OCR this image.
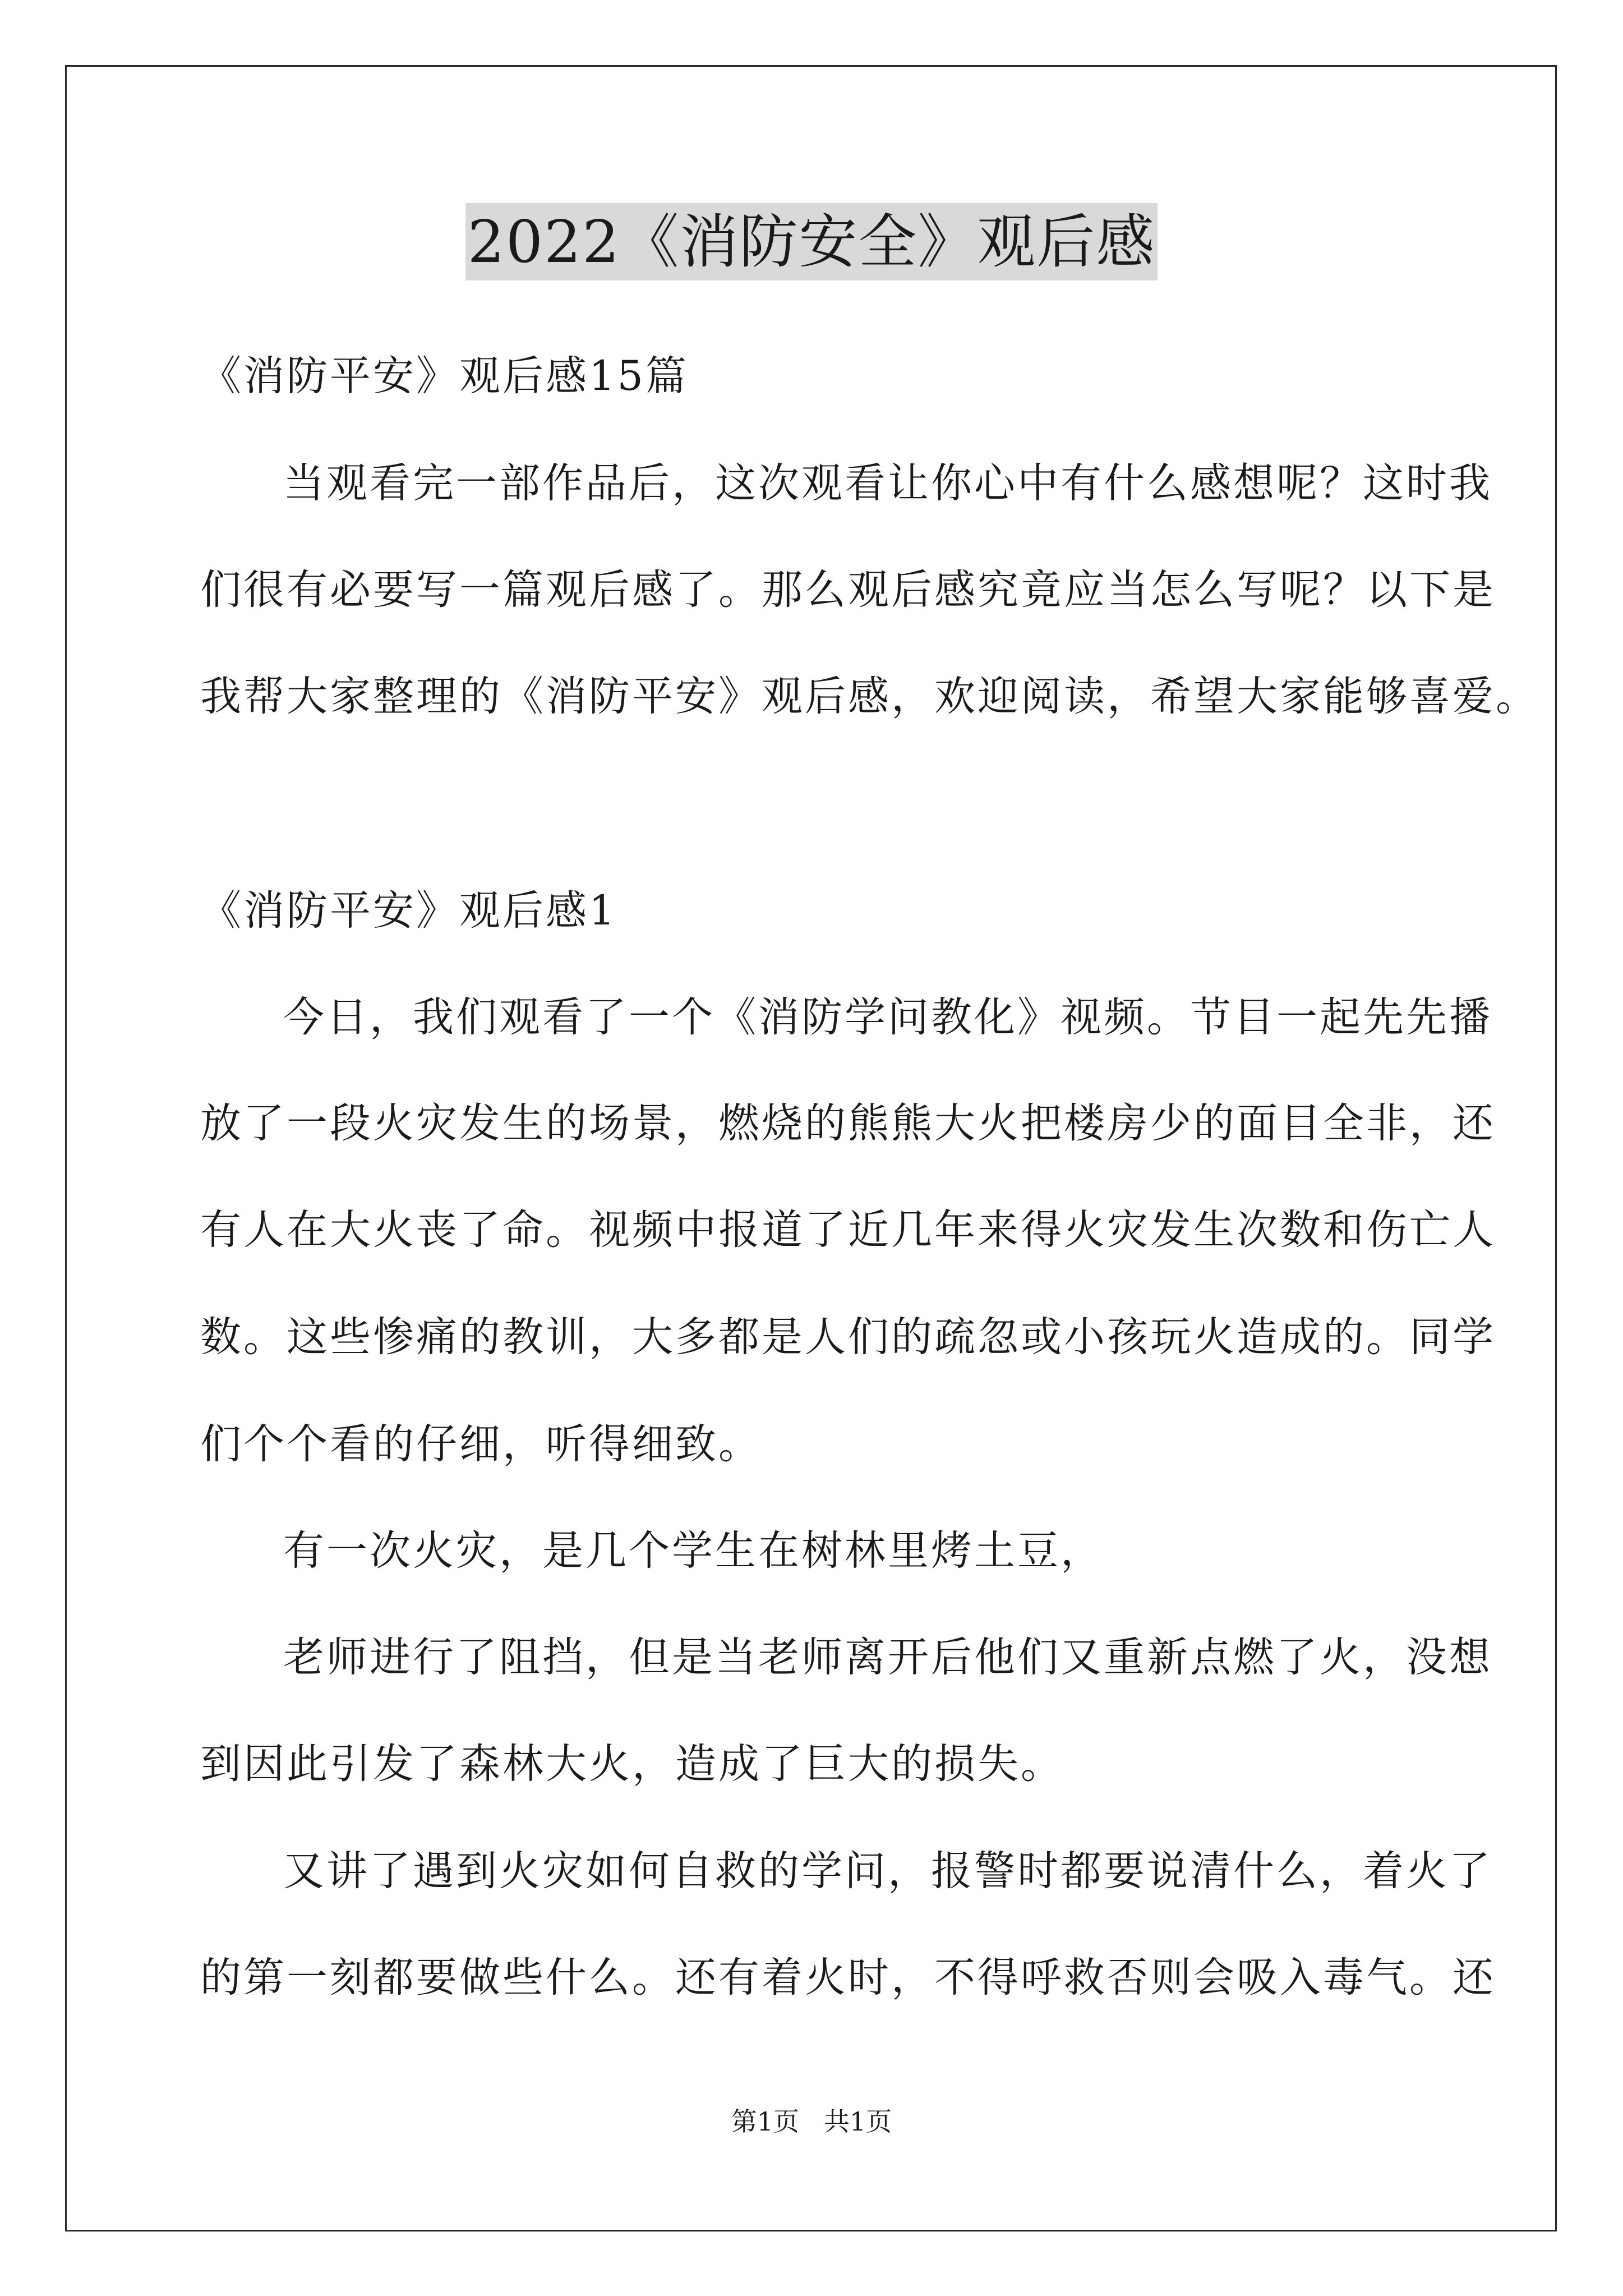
2022《消防安全》观后感
《消防平安》观后感15篇
当观看完一部作品后，这次观看让你心中有什么感想呢？这时我
们很有必要写一篇观后感了。那么观后感究竟应当怎么写呢？以下是
我帮大家整理的《消防平安》观后感，欢迎阅读，希望大家能够喜爱。
《消防平安》观后感1
今日，我们观看了一个《消防学问教化》视频。节目一起先先播
放了一段火灾发生的场景，燃烧的熊熊大火把楼房少的面目全非，还
有人在大火丧了命。视频中报道了近几年来得火灾发生次数和伤亡人
数。这些惨痛的教训，大多都是人们的疏忽或小孩玩火造成的。同学
们个个看的仔细，听得细致。
有一次火灾，是几个学生在树林里烤土豆，
老师进行了阻挡，但是当老师离开后他们又重新点燃了火，没想
到因此引发了森林大火，造成了巨大的损失。
又讲了遇到火灾如何自救的学问，报警时都要说清什么，着火了
的第一刻都要做些什么。还有着火时，不得呼救否则会吸入毒气。还
第1页 共1页
